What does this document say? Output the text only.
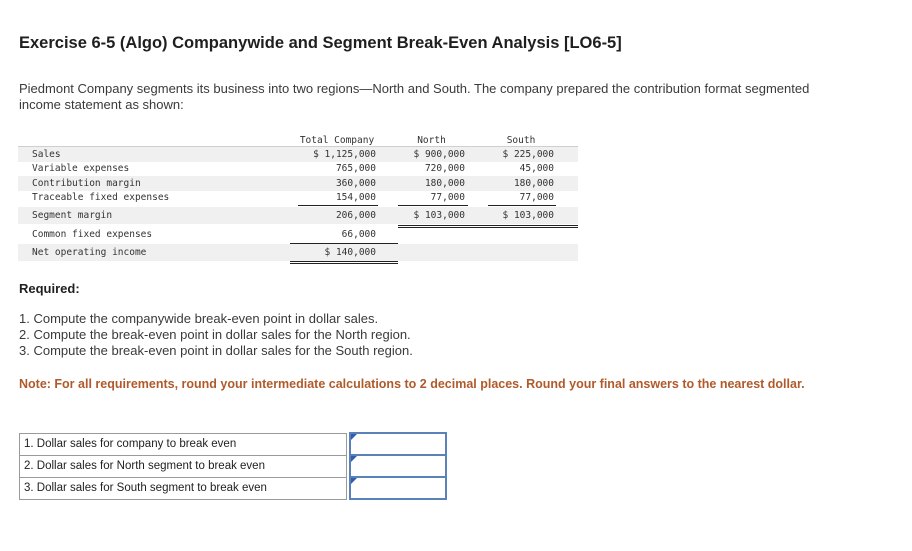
Exercise 6-5 (Algo) Companywide and Segment Break-Even Analysis [LO6-5]
Piedmont Company segments its business into two regions—North and South. The company prepared the contribution format segmented income statement as shown:
Total Company	North	South
Sales	$ 1,125,000	$ 900,000	$ 225,000
Variable expenses	765,000	720,000	45,000
Contribution margin	360,000	180,000	180,000
Traceable fixed expenses	154,000	77,000	77,000
Segment margin	206,000	$ 103,000	$ 103,000
Common fixed expenses	66,000
Net operating income	$ 140,000
Required:
1. Compute the companywide break-even point in dollar sales.
2. Compute the break-even point in dollar sales for the North region.
3. Compute the break-even point in dollar sales for the South region.
Note: For all requirements, round your intermediate calculations to 2 decimal places. Round your final answers to the nearest dollar.
1. Dollar sales for company to break even		

2. Dollar sales for North segment to break even		

3. Dollar sales for South segment to break even		
